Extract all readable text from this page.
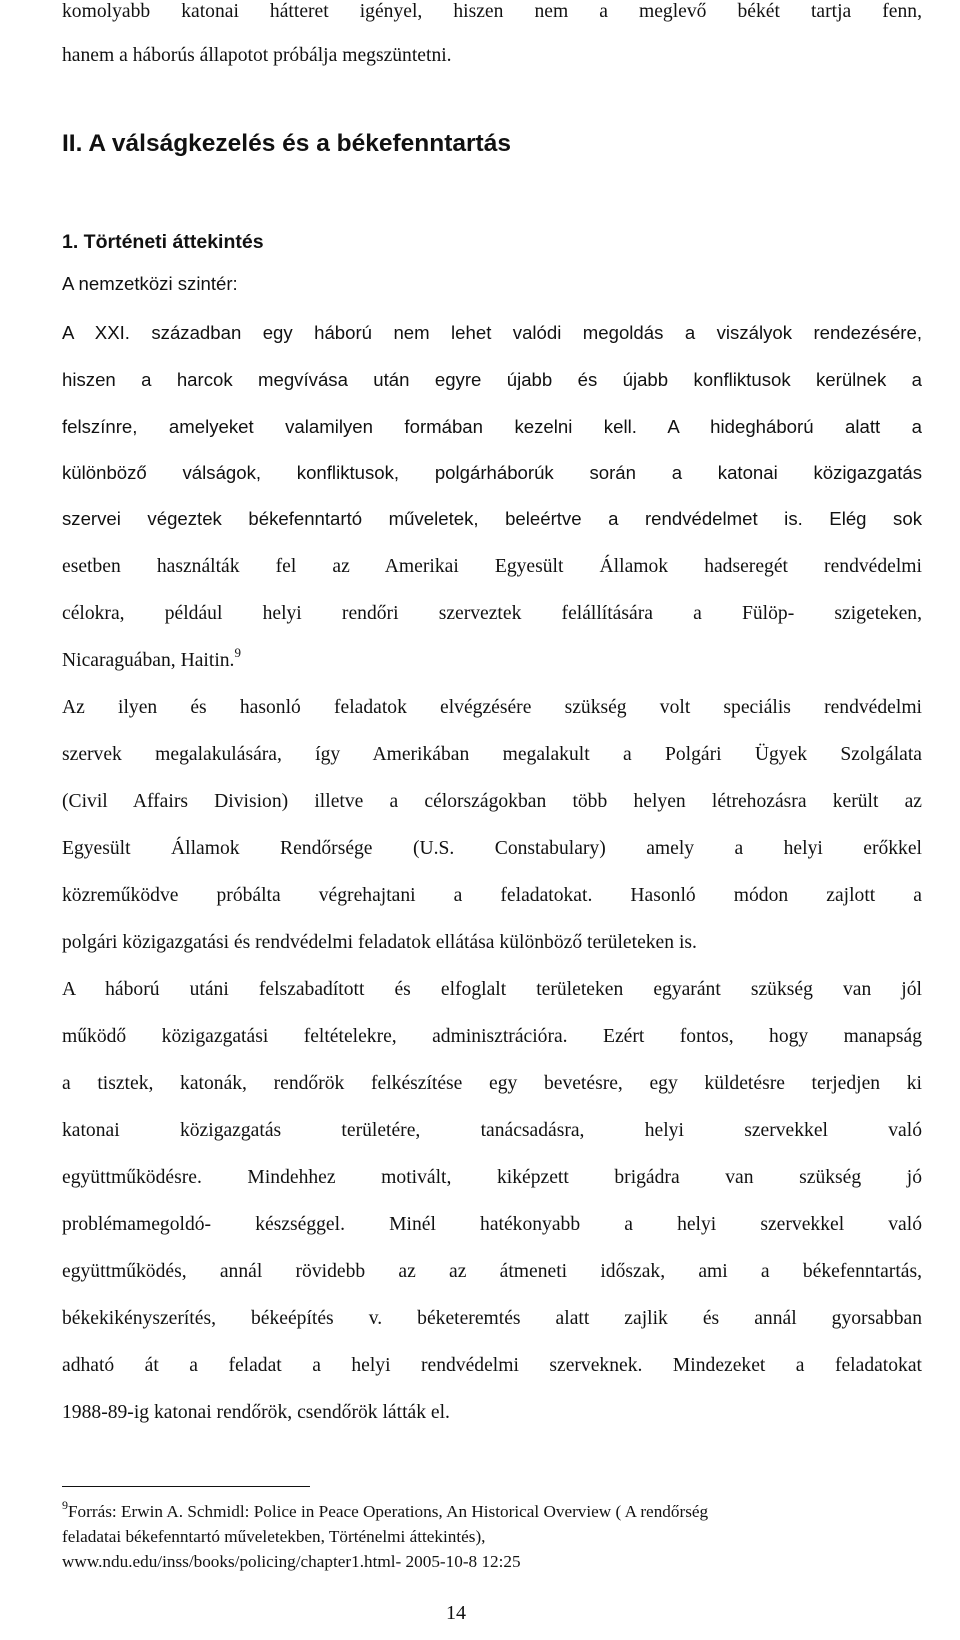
komolyabb katonai hátteret igényel, hiszen nem a meglevő békét tartja fenn,
hanem a háborús állapotot próbálja megszüntetni.
II. A válságkezelés és a békefenntartás
1. Történeti áttekintés
A nemzetközi szintér:
A XXI. században egy háború nem lehet valódi megoldás a viszályok rendezésére,
hiszen a harcok megvívása után egyre újabb és újabb konfliktusok kerülnek a
felszínre, amelyeket valamilyen formában kezelni kell. A hidegháború alatt a
különböző válságok, konfliktusok, polgárháborúk során a katonai közigazgatás
szervei végeztek békefenntartó műveletek, beleértve a rendvédelmet is. Elég sok
esetben használták fel az Amerikai Egyesült Államok hadseregét rendvédelmi
célokra, például helyi rendőri szerveztek felállítására a Fülöp- szigeteken,
Nicaraguában, Haitin.$^9$
Az ilyen és hasonló feladatok elvégzésére szükség volt speciális rendvédelmi
szervek megalakulására, így Amerikában megalakult a Polgári Ügyek Szolgálata
(Civil Affairs Division) illetve a célországokban több helyen létrehozásra került az
Egyesült Államok Rendőrsége (U.S. Constabulary) amely a helyi erőkkel
közreműködve próbálta végrehajtani a feladatokat. Hasonló módon zajlott a
polgári közigazgatási és rendvédelmi feladatok ellátása különböző területeken is.
A háború utáni felszabadított és elfoglalt területeken egyaránt szükség van jól
működő közigazgatási feltételekre, adminisztrációra. Ezért fontos, hogy manapság
a tisztek, katonák, rendőrök felkészítése egy bevetésre, egy küldetésre terjedjen ki
katonai közigazgatás területére, tanácsadásra, helyi szervekkel való
együttműködésre. Mindehhez motivált, kiképzett brigádra van szükség jó
problémamegoldó- készséggel. Minél hatékonyabb a helyi szervekkel való
együttműködés, annál rövidebb az az átmeneti időszak, ami a békefenntartás,
békekikényszerítés, békeépítés v. béketeremtés alatt zajlik és annál gyorsabban
adható át a feladat a helyi rendvédelmi szerveknek. Mindezeket a feladatokat
1988-89-ig katonai rendőrök, csendőrök látták el.
$^9$Forrás: Erwin A. Schmidl: Police in Peace Operations, An Historical Overview ( A rendőrség
feladatai békefenntartó műveletekben, Történelmi áttekintés),
www.ndu.edu/inss/books/policing/chapter1.html- 2005-10-8 12:25
14
